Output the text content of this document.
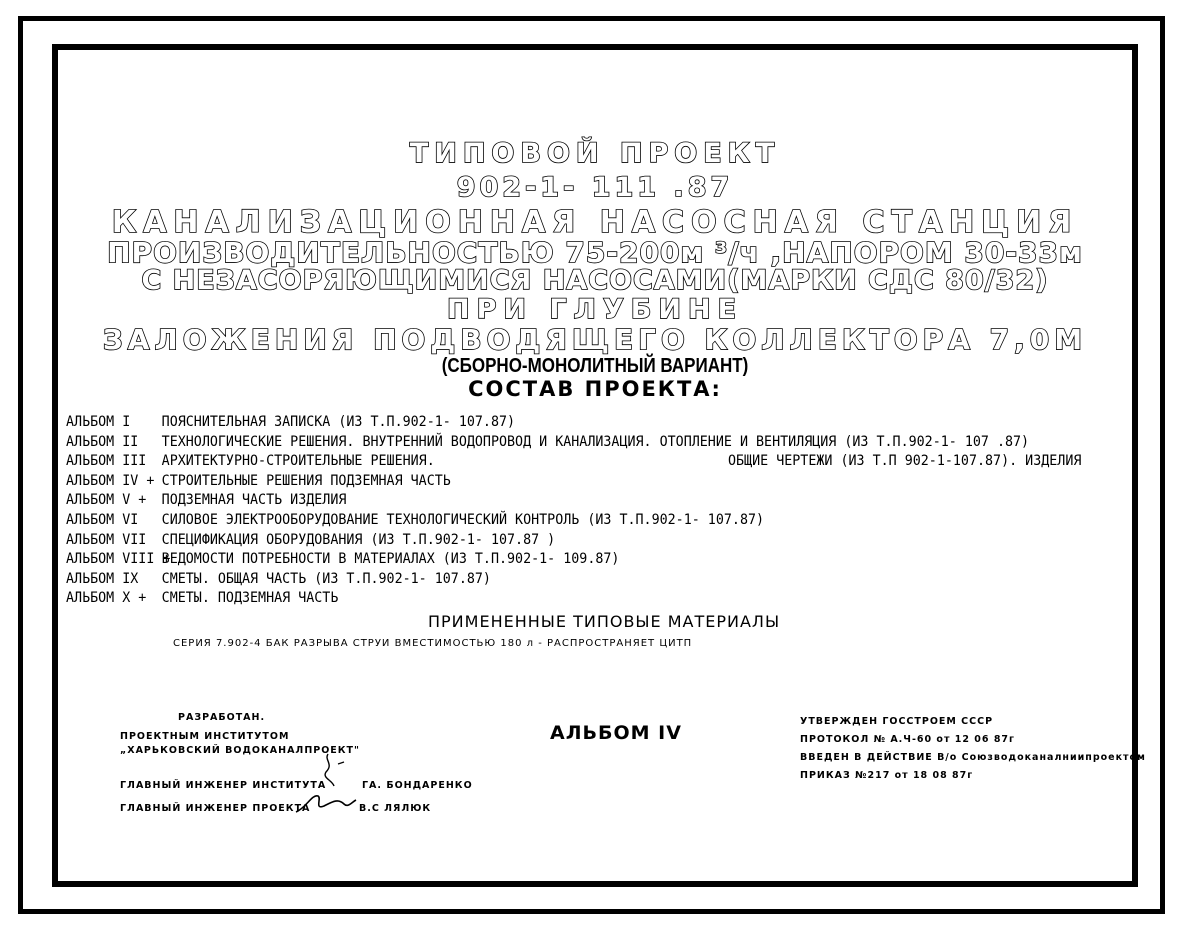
ТИПОВОЙ ПРОЕКТ
902-1- 111 .87
КАНАЛИЗАЦИОННАЯ НАСОСНАЯ СТАНЦИЯ
ПРОИЗВОДИТЕЛЬНОСТЬЮ 75-200м ³/ч ,НАПОРОМ 30-33м
С НЕЗАСОРЯЮЩИМИСЯ НАСОСАМИ(МАРКИ СДС 80/32)
ПРИ ГЛУБИНЕ
ЗАЛОЖЕНИЯ ПОДВОДЯЩЕГО КОЛЛЕКТОРА 7,0М
(СБОРНО-МОНОЛИТНЫЙ ВАРИАНТ)
СОСТАВ ПРОЕКТА:
АЛЬБОМ I ПОЯСНИТЕЛЬНАЯ ЗАПИСКА (ИЗ Т.П.902-1- 107.87)
АЛЬБОМ II ТЕХНОЛОГИЧЕСКИЕ РЕШЕНИЯ. ВНУТРЕННИЙ ВОДОПРОВОД И КАНАЛИЗАЦИЯ. ОТОПЛЕНИЕ И ВЕНТИЛЯЦИЯ (ИЗ Т.П.902-1- 107 .87)
АЛЬБОМ III АРХИТЕКТУРНО-СТРОИТЕЛЬНЫЕ РЕШЕНИЯ.
АЛЬБОМ IV + СТРОИТЕЛЬНЫЕ РЕШЕНИЯ ПОДЗЕМНАЯ ЧАСТЬ
АЛЬБОМ V + ПОДЗЕМНАЯ ЧАСТЬ ИЗДЕЛИЯ
АЛЬБОМ VI СИЛОВОЕ ЭЛЕКТРООБОРУДОВАНИЕ ТЕХНОЛОГИЧЕСКИЙ КОНТРОЛЬ (ИЗ Т.П.902-1- 107.87)
АЛЬБОМ VII СПЕЦИФИКАЦИЯ ОБОРУДОВАНИЯ (ИЗ Т.П.902-1- 107.87 )
АЛЬБОМ VIII +ВЕДОМОСТИ ПОТРЕБНОСТИ В МАТЕРИАЛАХ (ИЗ Т.П.902-1- 109.87)
АЛЬБОМ IX СМЕТЫ. ОБЩАЯ ЧАСТЬ (ИЗ Т.П.902-1- 107.87)
АЛЬБОМ X + СМЕТЫ. ПОДЗЕМНАЯ ЧАСТЬ
ОБЩИЕ ЧЕРТЕЖИ (ИЗ Т.П 902-1-107.87). ИЗДЕЛИЯ
ПРИМЕНЕННЫЕ ТИПОВЫЕ МАТЕРИАЛЫ
СЕРИЯ 7.902-4 БАК РАЗРЫВА СТРУИ ВМЕСТИМОСТЬЮ 180 л - РАСПРОСТРАНЯЕТ ЦИТП
РАЗРАБОТАН.
ПРОЕКТНЫМ ИНСТИТУТОМ
„ХАРЬКОВСКИЙ ВОДОКАНАЛПРОЕКТ"
ГЛАВНЫЙ ИНЖЕНЕР ИНСТИТУТА	ГА. БОНДАРЕНКО
ГЛАВНЫЙ ИНЖЕНЕР ПРОЕКТА	В.С ЛЯЛЮК
АЛЬБОМ IV
УТВЕРЖДЕН ГОССТРОЕМ СССР
ПРОТОКОЛ № А.Ч-60 от 12 06 87г
ВВЕДЕН В ДЕЙСТВИЕ В/о Союзводоканалниипроектом
ПРИКАЗ №217 от 18 08 87г
